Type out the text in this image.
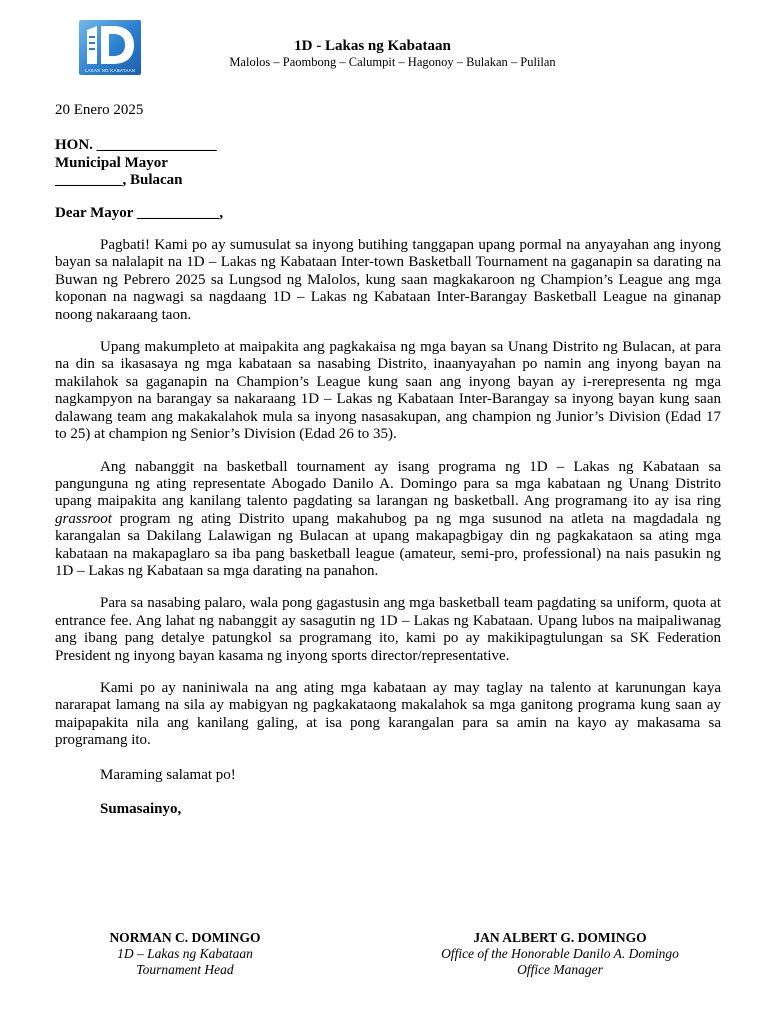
LAKAS NG KABATAAN
1D - Lakas ng Kabataan
Malolos – Paombong – Calumpit – Hagonoy – Bulakan – Pulilan

20 Enero 2025

HON. ________________
Municipal Mayor
_________, Bulacan

Dear Mayor ___________,

Pagbati! Kami po ay sumusulat sa inyong butihing tanggapan upang pormal na anyayahan ang inyong bayan sa nalalapit na 1D – Lakas ng Kabataan Inter-town Basketball Tournament na gaganapin sa darating na Buwan ng Pebrero 2025 sa Lungsod ng Malolos, kung saan magkakaroon ng Champion’s League ang mga koponan na nagwagi sa nagdaang 1D – Lakas ng Kabataan Inter-Barangay Basketball League na ginanap noong nakaraang taon.

Upang makumpleto at maipakita ang pagkakaisa ng mga bayan sa Unang Distrito ng Bulacan, at para na din sa ikasasaya ng mga kabataan sa nasabing Distrito, inaanyayahan po namin ang inyong bayan na makilahok sa gaganapin na Champion’s League kung saan ang inyong bayan ay i-rerepresenta ng mga nagkampyon na barangay sa nakaraang 1D – Lakas ng Kabataan Inter-Barangay sa inyong bayan kung saan dalawang team ang makakalahok mula sa inyong nasasakupan, ang champion ng Junior’s Division (Edad 17 to 25) at champion ng Senior’s Division (Edad 26 to 35).

Ang nabanggit na basketball tournament ay isang programa ng 1D – Lakas ng Kabataan sa pangunguna ng ating representate Abogado Danilo A. Domingo para sa mga kabataan ng Unang Distrito upang maipakita ang kanilang talento pagdating sa larangan ng basketball. Ang programang ito ay isa ring grassroot program ng ating Distrito upang makahubog pa ng mga susunod na atleta na magdadala ng karangalan sa Dakilang Lalawigan ng Bulacan at upang makapagbigay din ng pagkakataon sa ating mga kabataan na makapaglaro sa iba pang basketball league (amateur, semi-pro, professional) na nais pasukin ng 1D – Lakas ng Kabataan sa mga darating na panahon.

Para sa nasabing palaro, wala pong gagastusin ang mga basketball team pagdating sa uniform, quota at entrance fee. Ang lahat ng nabanggit ay sasagutin ng 1D – Lakas ng Kabataan. Upang lubos na maipaliwanag ang ibang pang detalye patungkol sa programang ito, kami po ay makikipagtulungan sa SK Federation President ng inyong bayan kasama ng inyong sports director/representative.

Kami po ay naniniwala na ang ating mga kabataan ay may taglay na talento at karunungan kaya nararapat lamang na sila ay mabigyan ng pagkakataong makalahok sa mga ganitong programa kung saan ay maipapakita nila ang kanilang galing, at isa pong karangalan para sa amin na kayo ay makasama sa programang ito.

Maraming salamat po!

Sumasainyo,

NORMAN C. DOMINGO
1D – Lakas ng Kabataan
Tournament Head
JAN ALBERT G. DOMINGO
Office of the Honorable Danilo A. Domingo
Office Manager
